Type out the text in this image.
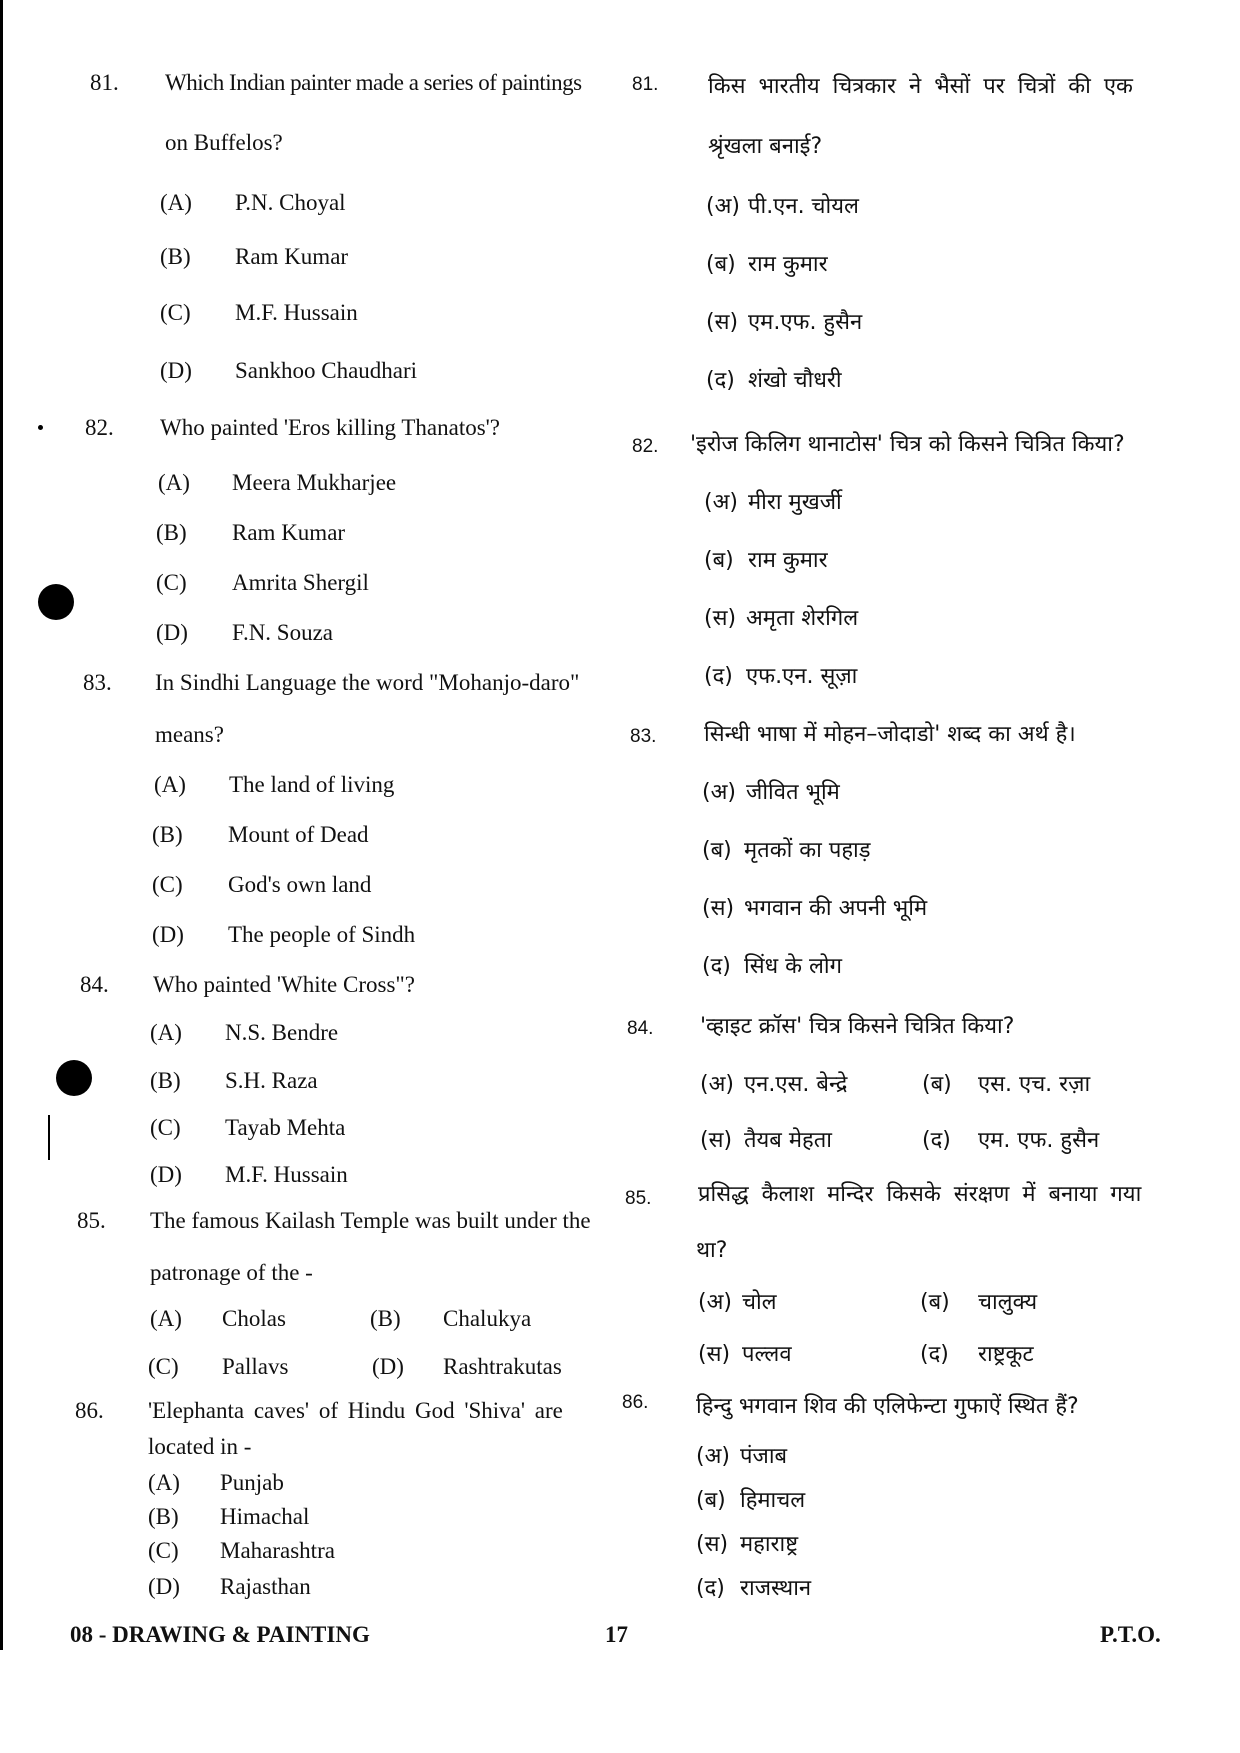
81. Which Indian painter made a series of paintings
on Buffelos?
(A) P.N. Choyal
(B) Ram Kumar
(C) M.F. Hussain
(D) Sankhoo Chaudhari
82. Who painted 'Eros killing Thanatos'?
(A) Meera Mukharjee
(B) Ram Kumar
(C) Amrita Shergil
(D) F.N. Souza
83. In Sindhi Language the word "Mohanjo-daro"
means?
(A) The land of living
(B) Mount of Dead
(C) God's own land
(D) The people of Sindh
84. Who painted 'White Cross"?
(A) N.S. Bendre
(B) S.H. Raza
(C) Tayab Mehta
(D) M.F. Hussain
85. The famous Kailash Temple was built under the
patronage of the -
(A) Cholas	(B) Chalukya
(C) Pallavs	(D) Rashtrakutas
86. 'Elephanta caves' of Hindu God 'Shiva' are
located in -
(A) Punjab
(B) Himachal
(C) Maharashtra
(D) Rajasthan
81. किस भारतीय चित्रकार ने भैसों पर चित्रों की एक
श्रृंखला बनाई?
(अ) पी.एन. चोयल
(ब) राम कुमार
(स) एम.एफ. हुसैन
(द) शंखो चौधरी
82. 'इरोज किलिग थानाटोस' चित्र को किसने चित्रित किया?
(अ) मीरा मुखर्जी
(ब) राम कुमार
(स) अमृता शेरगिल
(द) एफ.एन. सूज़ा
83. सिन्धी भाषा में मोहन–जोदाडो' शब्द का अर्थ है।
(अ) जीवित भूमि
(ब) मृतकों का पहाड़
(स) भगवान की अपनी भूमि
(द) सिंध के लोग
84. 'व्हाइट क्रॉस' चित्र किसने चित्रित किया?
(अ) एन.एस. बेन्द्रे	(ब) एस. एच. रज़ा
(स) तैयब मेहता	(द) एम. एफ. हुसैन
85. प्रसिद्ध कैलाश मन्दिर किसके संरक्षण में बनाया गया
था?
(अ) चोल	(ब) चालुक्य
(स) पल्लव	(द) राष्ट्रकूट
86. हिन्दु भगवान शिव की एलिफेन्टा गुफाऐं स्थित हैं?
(अ) पंजाब
(ब) हिमाचल
(स) महाराष्ट्र
(द) राजस्थान
08 - DRAWING & PAINTING	17	P.T.O.
